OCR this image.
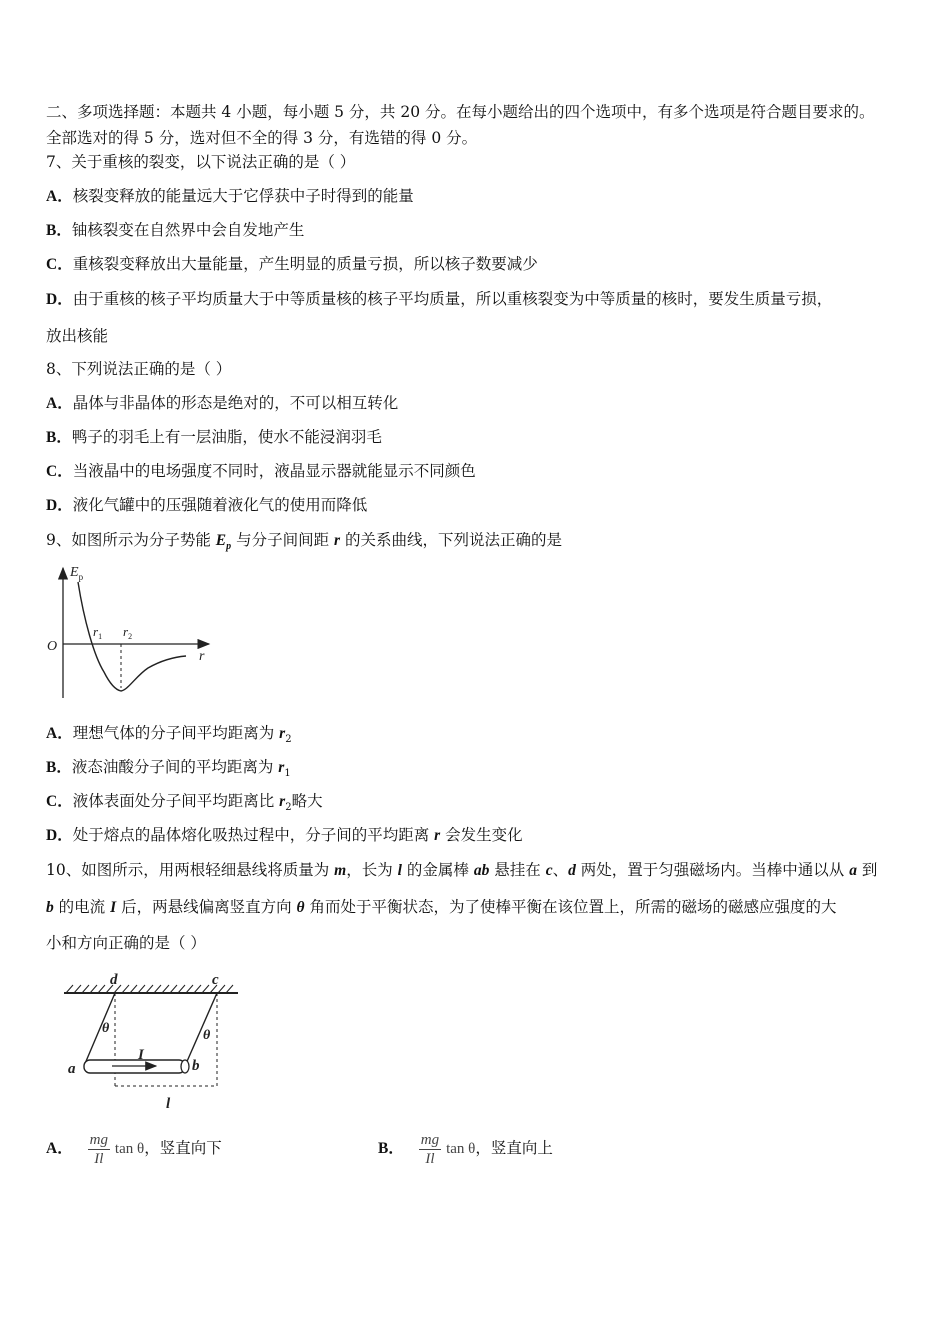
二、多项选择题：本题共 4 小题，每小题 5 分，共 20 分。在每小题给出的四个选项中，有多个选项是符合题目要求的。
全部选对的得 5 分，选对但不全的得 3 分，有选错的得 0 分。
7、关于重核的裂变，以下说法正确的是（ ）
A．核裂变释放的能量远大于它俘获中子时得到的能量
B．铀核裂变在自然界中会自发地产生
C．重核裂变释放出大量能量，产生明显的质量亏损，所以核子数要减少
D．由于重核的核子平均质量大于中等质量核的核子平均质量，所以重核裂变为中等质量的核时，要发生质量亏损，
放出核能
8、下列说法正确的是（ ）
A．晶体与非晶体的形态是绝对的，不可以相互转化
B．鸭子的羽毛上有一层油脂，使水不能浸润羽毛
C．当液晶中的电场强度不同时，液晶显示器就能显示不同颜色
D．液化气罐中的压强随着液化气的使用而降低
9、如图所示为分子势能 $E_p$ 与分子间间距 r 的关系曲线，下列说法正确的是
$E_p$
O
r
$r_1$ $r_2$
A．理想气体的分子间平均距离为 $r_2$
B．液态油酸分子间的平均距离为 $r_1$
C．液体表面处分子间平均距离比 $r_2$略大
D．处于熔点的晶体熔化吸热过程中，分子间的平均距离 r 会发生变化
10、如图所示，用两根轻细悬线将质量为 m，长为 l 的金属棒 ab 悬挂在 c、d 两处，置于匀强磁场内。当棒中通以从 a 到
b 的电流 I 后，两悬线偏离竖直方向 θ 角而处于平衡状态，为了使棒平衡在该位置上，所需的磁场的磁感应强度的大
小和方向正确的是（ ）
d	c
a	b
I
l
θ	θ
A． $\frac{mg}{Il}$ tan θ，竖直向下	B． $\frac{mg}{Il}$ tan θ，竖直向上
